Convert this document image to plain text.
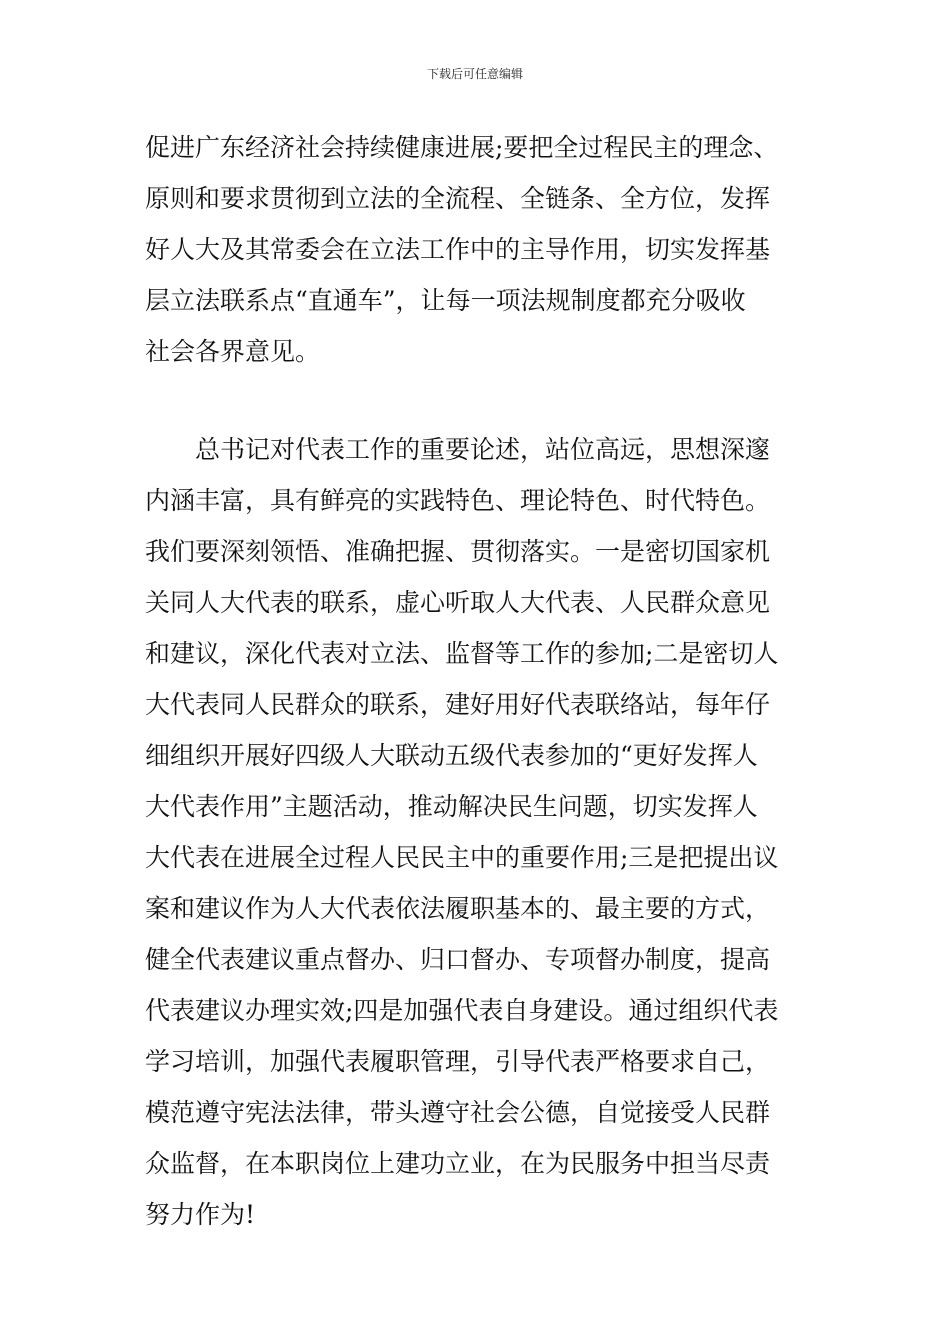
下载后可任意编辑
促进广东经济社会持续健康进展;要把全过程民主的理念、
原则和要求贯彻到立法的全流程、全链条、全方位，发挥
好人大及其常委会在立法工作中的主导作用，切实发挥基
层立法联系点“直通车”，让每一项法规制度都充分吸收
社会各界意见。
　　总书记对代表工作的重要论述，站位高远，思想深邃
内涵丰富，具有鲜亮的实践特色、理论特色、时代特色。
我们要深刻领悟、准确把握、贯彻落实。一是密切国家机
关同人大代表的联系，虚心听取人大代表、人民群众意见
和建议，深化代表对立法、监督等工作的参加;二是密切人
大代表同人民群众的联系，建好用好代表联络站，每年仔
细组织开展好四级人大联动五级代表参加的“更好发挥人
大代表作用”主题活动，推动解决民生问题，切实发挥人
大代表在进展全过程人民民主中的重要作用;三是把提出议
案和建议作为人大代表依法履职基本的、最主要的方式，
健全代表建议重点督办、归口督办、专项督办制度，提高
代表建议办理实效;四是加强代表自身建设。通过组织代表
学习培训，加强代表履职管理，引导代表严格要求自己，
模范遵守宪法法律，带头遵守社会公德，自觉接受人民群
众监督，在本职岗位上建功立业，在为民服务中担当尽责
努力作为!
